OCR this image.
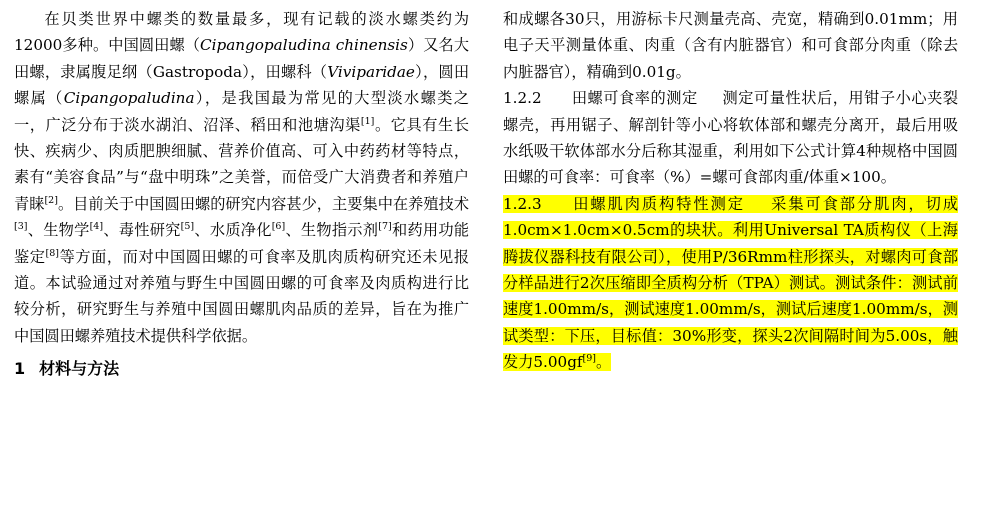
在贝类世界中螺类的数量最多，现有记载的淡水螺类约为12000多种。中国圆田螺（Cipangopaludina chinensis）又名大田螺，隶属腹足纲（Gastropoda），田螺科（Viviparidae），圆田螺属（Cipangopaludina），是我国最为常见的大型淡水螺类之一，广泛分布于淡水湖泊、沼泽、稻田和池塘沟渠[1]。它具有生长快、疾病少、肉质肥腴细腻、营养价值高、可入中药药材等特点，素有“美容食品”与“盘中明珠”之美誉，而倍受广大消费者和养殖户青睐[2]。目前关于中国圆田螺的研究内容甚少，主要集中在养殖技术[3]、生物学[4]、毒性研究[5]、水质净化[6]、生物指示剂[7]和药用功能鉴定[8]等方面，而对中国圆田螺的可食率及肌肉质构研究还未见报道。本试验通过对养殖与野生中国圆田螺的可食率及肉质构进行比较分析，研究野生与养殖中国圆田螺肌肉品质的差异，旨在为推广中国圆田螺养殖技术提供科学依据。

1 材料与方法

和成螺各30只，用游标卡尺测量壳高、壳宽，精确到0.01mm；用电子天平测量体重、肉重（含有内脏器官）和可食部分肉重（除去内脏器官），精确到0.01g。

1.2.2 田螺可食率的测定 测定可量性状后，用钳子小心夹裂螺壳，再用锯子、解剖针等小心将软体部和螺壳分离开，最后用吸水纸吸干软体部水分后称其湿重，利用如下公式计算4种规格中国圆田螺的可食率：可食率（%）=螺可食部肉重/体重×100。

1.2.3 田螺肌肉质构特性测定 采集可食部分肌肉，切成1.0cm×1.0cm×0.5cm的块状。利用Universal TA质构仪（上海腾拔仪器科技有限公司），使用P/36Rmm柱形探头，对螺肉可食部分样品进行2次压缩即全质构分析（TPA）测试。测试条件：测试前速度1.00mm/s，测试速度1.00mm/s，测试后速度1.00mm/s，测试类型：下压，目标值：30%形变，探头2次间隔时间为5.00s，触发力5.00gf[9]。
